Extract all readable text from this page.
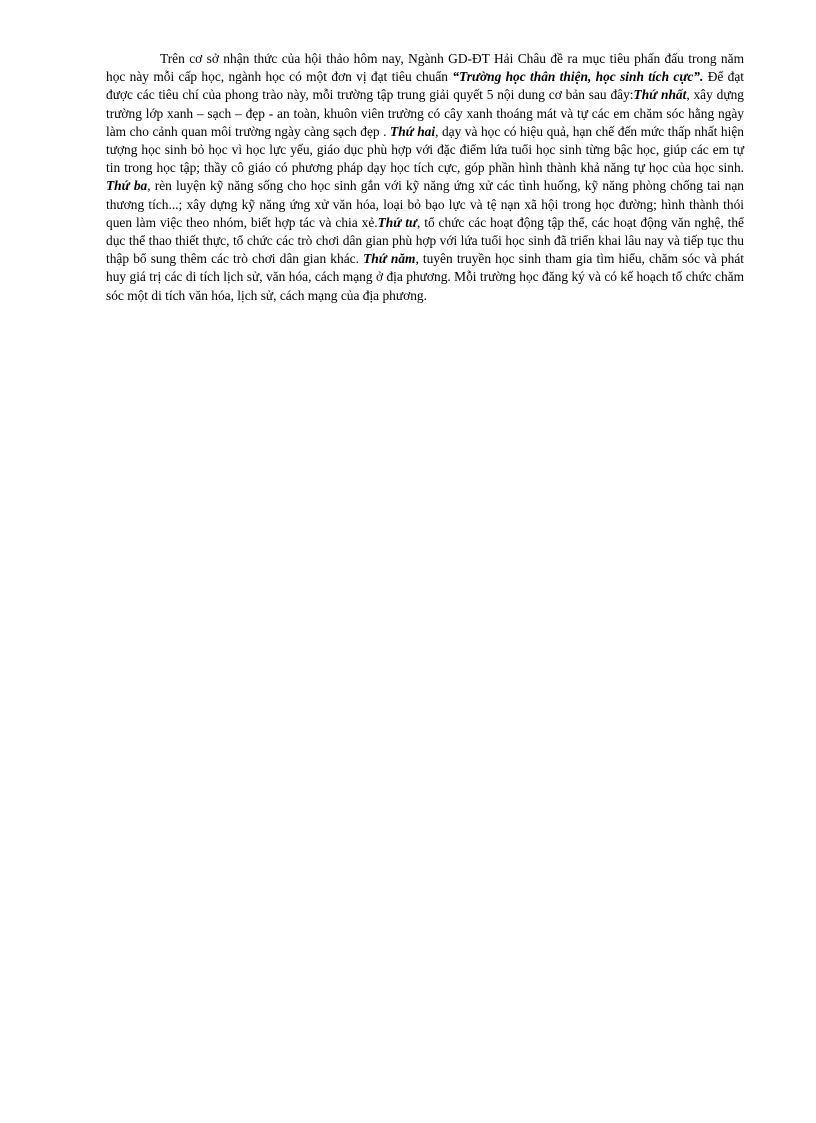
Trên cơ sở nhận thức của hội thảo hôm nay, Ngành GD-ĐT Hải Châu đề ra mục tiêu phấn đấu trong năm học này mỗi cấp học, ngành học có một đơn vị đạt tiêu chuẩn “Trường học thân thiện, học sinh tích cực”. Để đạt được các tiêu chí của phong trào này, mỗi trường tập trung giải quyết 5 nội dung cơ bản sau đây:Thứ nhất, xây dựng trường lớp xanh – sạch – đẹp - an toàn, khuôn viên trường có cây xanh thoáng mát và tự các em chăm sóc hằng ngày làm cho cảnh quan môi trường ngày càng sạch đẹp . Thứ hai, dạy và học có hiệu quả, hạn chế đến mức thấp nhất hiện tượng học sinh bỏ học vì học lực yếu, giáo dục phù hợp với đặc điểm lứa tuổi học sinh từng bậc học, giúp các em tự tin trong học tập; thầy cô giáo có phương pháp dạy học tích cực, góp phần hình thành khả năng tự học của học sinh. Thứ ba, rèn luyện kỹ năng sống cho học sinh gắn với kỹ năng ứng xử các tình huống, kỹ năng phòng chống tai nạn thương tích...; xây dựng kỹ năng ứng xử văn hóa, loại bỏ bạo lực và tệ nạn xã hội trong học đường; hình thành thói quen làm việc theo nhóm, biết hợp tác và chia xẻ.Thứ tư, tổ chức các hoạt động tập thể, các hoạt động văn nghệ, thể dục thể thao thiết thực, tổ chức các trò chơi dân gian phù hợp với lứa tuổi học sinh đã triển khai lâu nay và tiếp tục thu thập bổ sung thêm các trò chơi dân gian khác. Thứ năm, tuyên truyền học sinh tham gia tìm hiểu, chăm sóc và phát huy giá trị các di tích lịch sử, văn hóa, cách mạng ở địa phương. Mỗi trường học đăng ký và có kế hoạch tổ chức chăm sóc một di tích văn hóa, lịch sử, cách mạng của địa phương.
